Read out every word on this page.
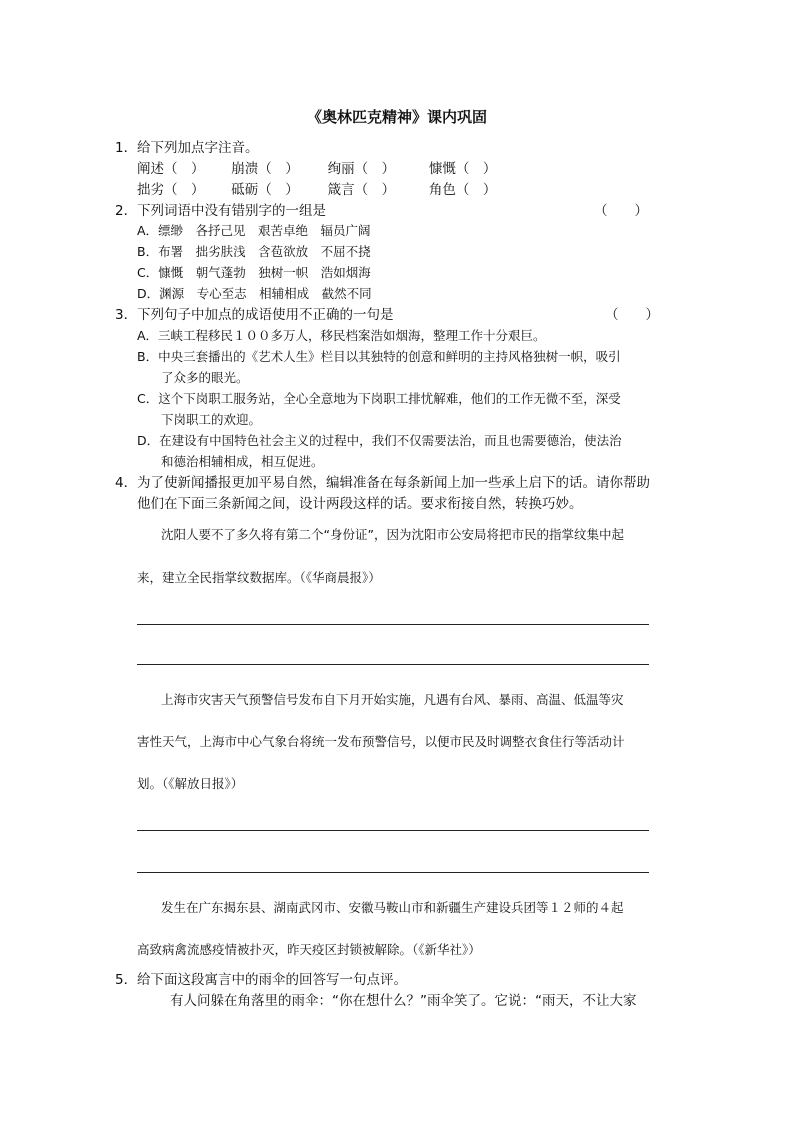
《奥林匹克精神》课内巩固
1． 给下列加点字注音。
阐述（　） 崩溃（　） 绚丽（　）	慷慨（　）
拙劣（　） 砥砺（　） 箴言（　）	角色（　）
2． 下列词语中没有错别字的一组是	（　　）
A．缥缈　各抒己见　艰苦卓绝　辐员广阔
B．布署　拙劣肤浅　含苞欲放　不屈不挠
C．慷慨　朝气蓬勃　独树一帜　浩如烟海
D．渊源　专心至志　相辅相成　截然不同
3． 下列句子中加点的成语使用不正确的一句是	（　　）
A．三峡工程移民１００多万人，移民档案浩如烟海，整理工作十分艰巨。
B．中央三套播出的《艺术人生》栏目以其独特的创意和鲜明的主持风格独树一帜，吸引
了众多的眼光。
C．这个下岗职工服务站，全心全意地为下岗职工排忧解难，他们的工作无微不至，深受
下岗职工的欢迎。
D．在建设有中国特色社会主义的过程中，我们不仅需要法治，而且也需要德治，使法治
和德治相辅相成，相互促进。
4． 为了使新闻播报更加平易自然，编辑准备在每条新闻上加一些承上启下的话。请你帮助
他们在下面三条新闻之间，设计两段这样的话。要求衔接自然，转换巧妙。
沈阳人要不了多久将有第二个“身份证”，因为沈阳市公安局将把市民的指掌纹集中起
来，建立全民指掌纹数据库。（《华商晨报》）
上海市灾害天气预警信号发布自下月开始实施，凡遇有台风、暴雨、高温、低温等灾
害性天气，上海市中心气象台将统一发布预警信号，以便市民及时调整衣食住行等活动计
划。（《解放日报》）
发生在广东揭东县、湖南武冈市、安徽马鞍山市和新疆生产建设兵团等１２师的４起
高致病禽流感疫情被扑灭，昨天疫区封锁被解除。（《新华社》）
5． 给下面这段寓言中的雨伞的回答写一句点评。
有人问躲在角落里的雨伞：“你在想什么？”雨伞笑了。它说：“雨天，不让大家
